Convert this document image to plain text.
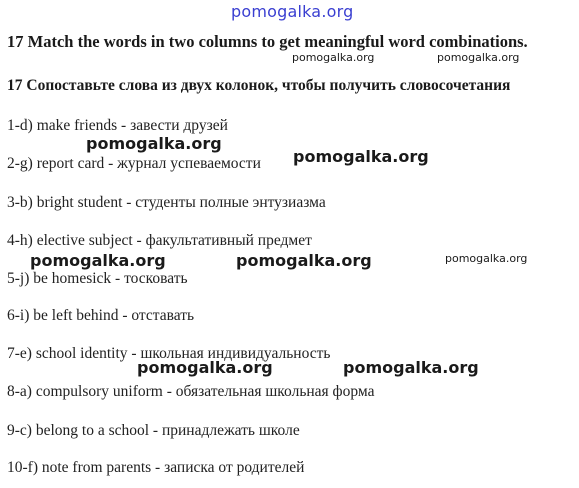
pomogalka.org
pomogalka.org	pomogalka.org
pomogalka.org
pomogalka.org
pomogalka.org	pomogalka.org	pomogalka.org
pomogalka.org	pomogalka.org
17 Match the words in two columns to get meaningful word combinations.
17 Сопоставьте слова из двух колонок, чтобы получить словосочетания
1-d) make friends - завести друзей
2-g) report card - журнал успеваемости
3-b) bright student - студенты полные энтузиазма
4-h) elective subject - факультативный предмет
5-j) be homesick - тосковать
6-i) be left behind - отставать
7-e) school identity - школьная индивидуальность
8-a) compulsory uniform - обязательная школьная форма
9-c) belong to a school - принадлежать школе
10-f) note from parents - записка от родителей
